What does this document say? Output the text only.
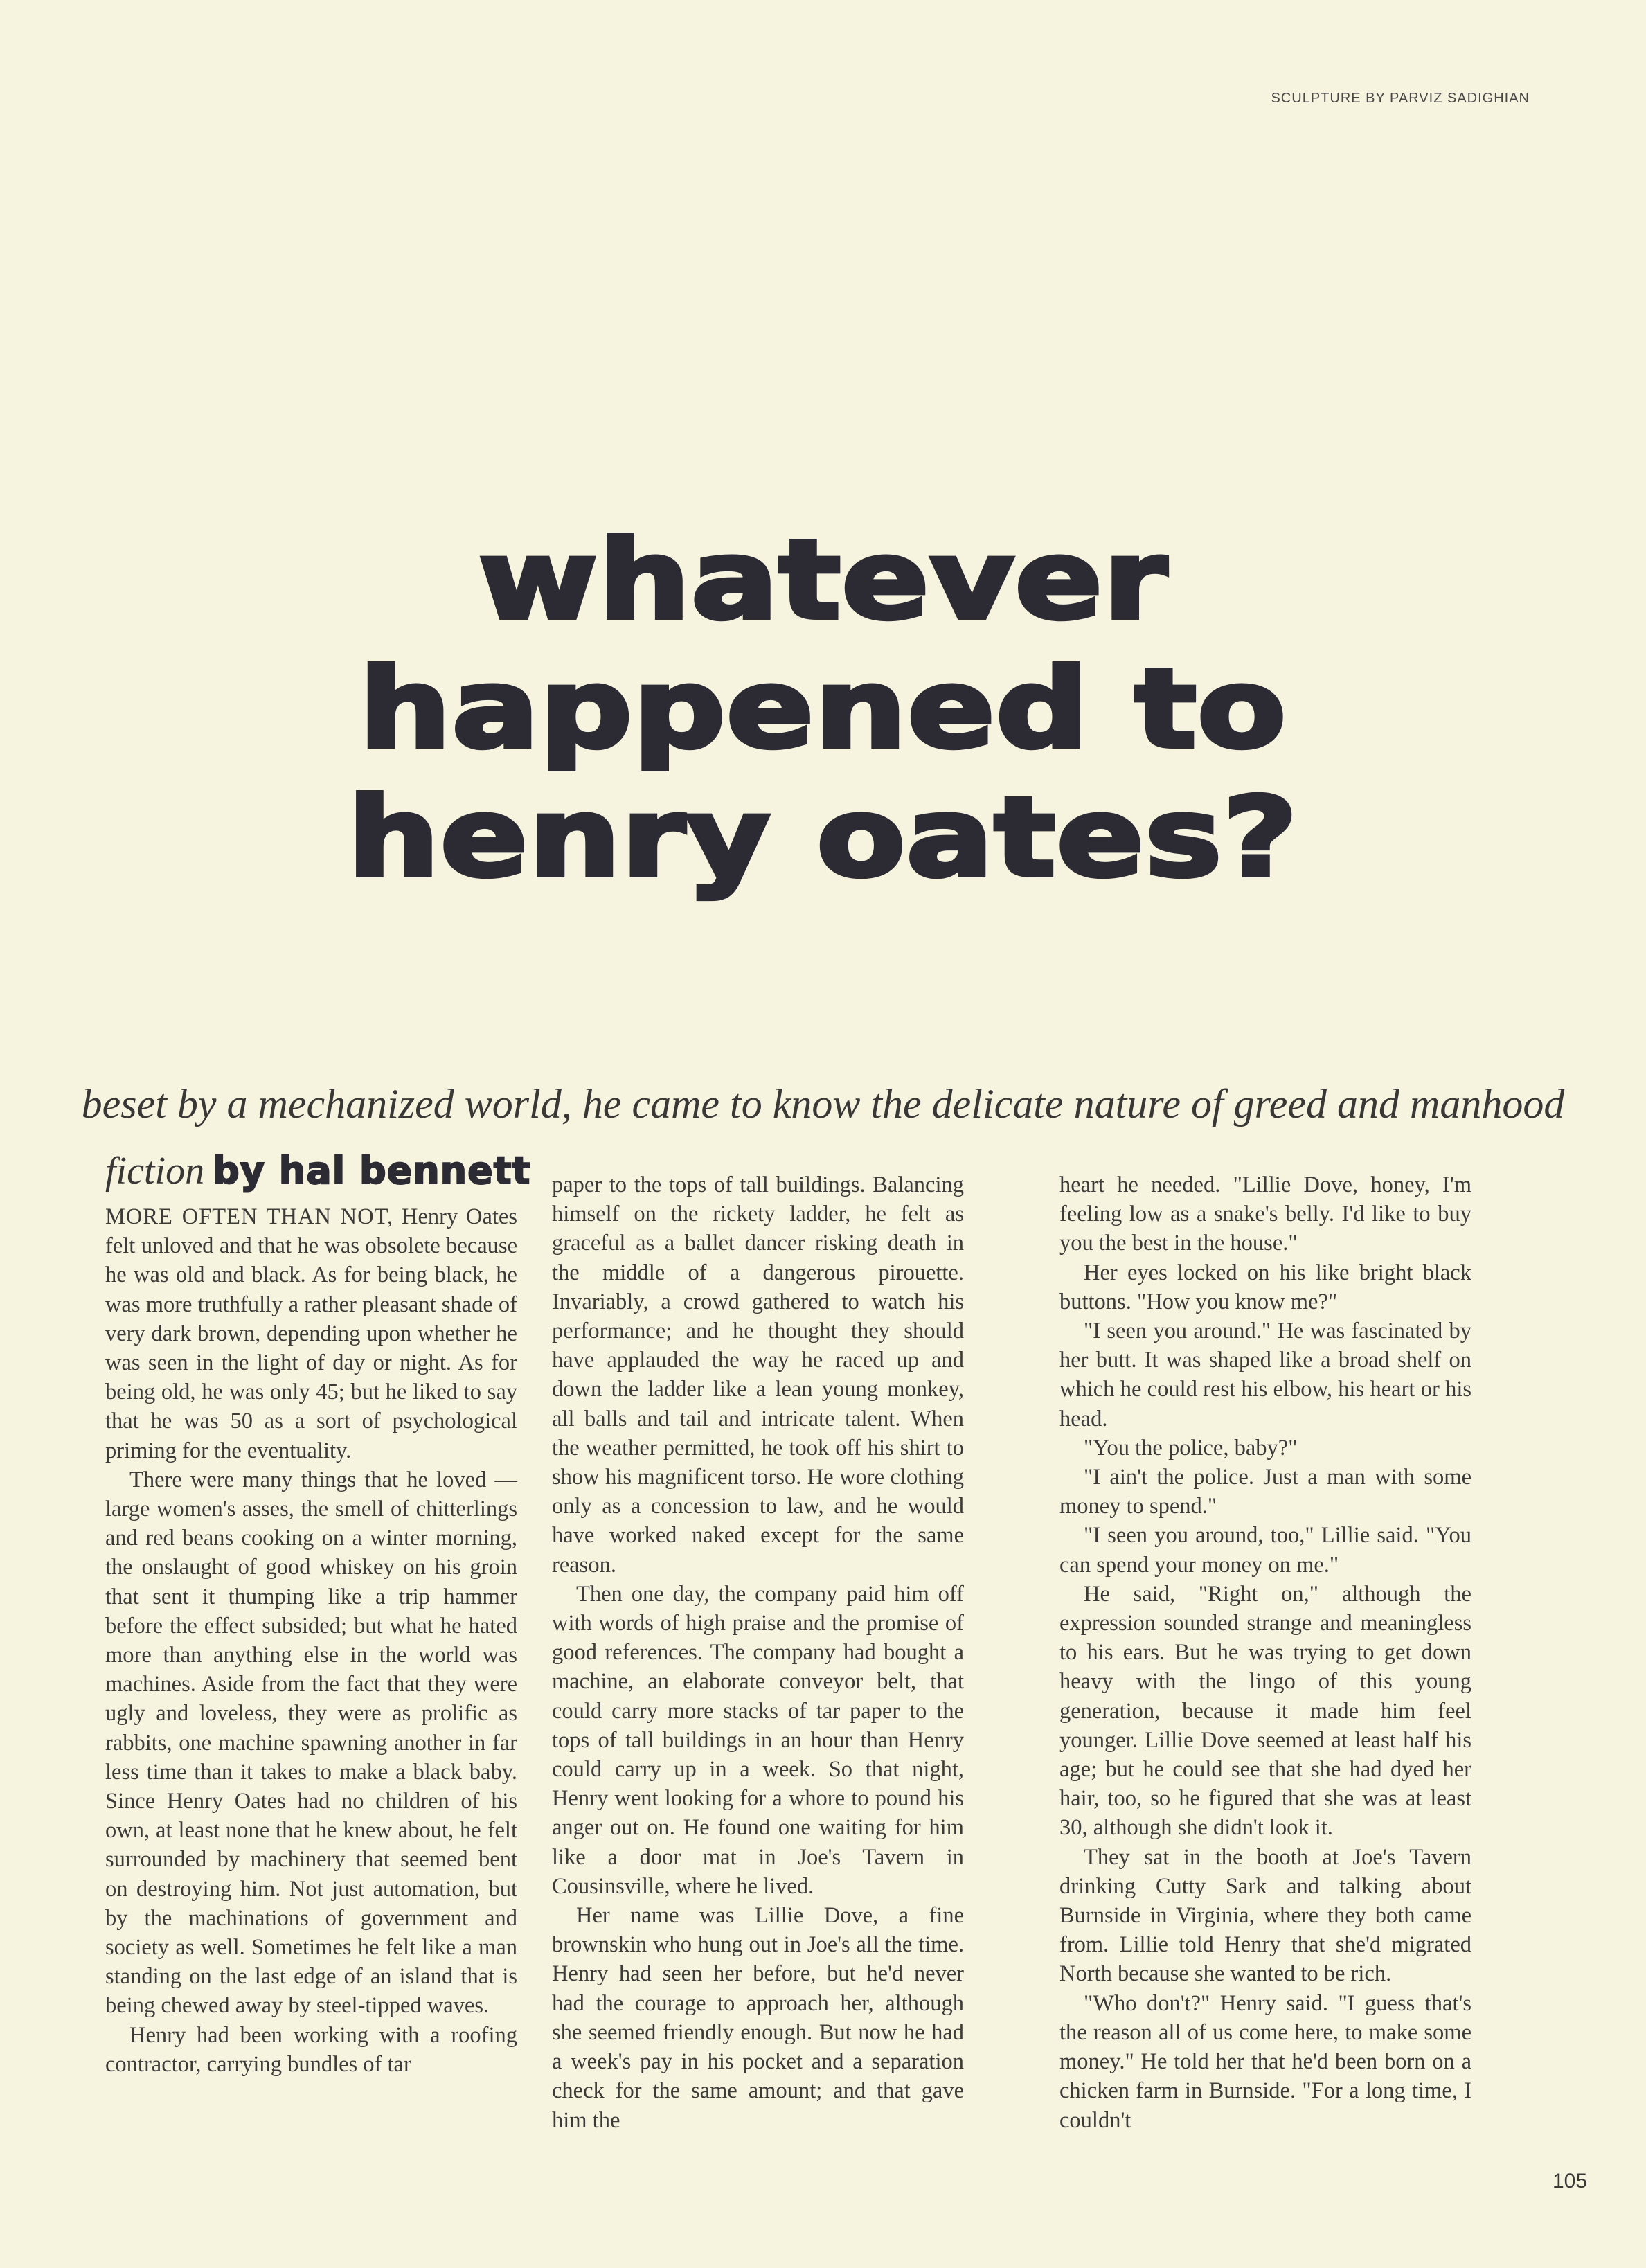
SCULPTURE BY PARVIZ SADIGHIAN
whatever
happened to
henry oates?
beset by a mechanized world, he came to know the delicate nature of greed and manhood
fiction by hal bennett

MORE OFTEN THAN NOT, Henry Oates felt unloved and that he was obsolete because he was old and black. As for being black, he was more truthfully a rather pleasant shade of very dark brown, depending upon whether he was seen in the light of day or night. As for being old, he was only 45; but he liked to say that he was 50 as a sort of psychological priming for the eventuality.

There were many things that he loved —large women's asses, the smell of chitterlings and red beans cooking on a winter morning, the onslaught of good whiskey on his groin that sent it thumping like a trip hammer before the effect subsided; but what he hated more than anything else in the world was machines. Aside from the fact that they were ugly and loveless, they were as prolific as rabbits, one machine spawning another in far less time than it takes to make a black baby. Since Henry Oates had no children of his own, at least none that he knew about, he felt surrounded by machinery that seemed bent on destroying him. Not just automation, but by the machinations of government and society as well. Sometimes he felt like a man standing on the last edge of an island that is being chewed away by steel-tipped waves.

Henry had been working with a roofing contractor, carrying bundles of tar

paper to the tops of tall buildings. Balancing himself on the rickety ladder, he felt as graceful as a ballet dancer risking death in the middle of a dangerous pirouette. Invariably, a crowd gathered to watch his performance; and he thought they should have applauded the way he raced up and down the ladder like a lean young monkey, all balls and tail and intricate talent. When the weather permitted, he took off his shirt to show his magnificent torso. He wore clothing only as a concession to law, and he would have worked naked except for the same reason.

Then one day, the company paid him off with words of high praise and the promise of good references. The company had bought a machine, an elaborate conveyor belt, that could carry more stacks of tar paper to the tops of tall buildings in an hour than Henry could carry up in a week. So that night, Henry went looking for a whore to pound his anger out on. He found one waiting for him like a door mat in Joe's Tavern in Cousinsville, where he lived.

Her name was Lillie Dove, a fine brownskin who hung out in Joe's all the time. Henry had seen her before, but he'd never had the courage to approach her, although she seemed friendly enough. But now he had a week's pay in his pocket and a separation check for the same amount; and that gave him the

heart he needed. "Lillie Dove, honey, I'm feeling low as a snake's belly. I'd like to buy you the best in the house."

Her eyes locked on his like bright black buttons. "How you know me?"

"I seen you around." He was fascinated by her butt. It was shaped like a broad shelf on which he could rest his elbow, his heart or his head.

"You the police, baby?"

"I ain't the police. Just a man with some money to spend."

"I seen you around, too," Lillie said. "You can spend your money on me."

He said, "Right on," although the expression sounded strange and meaningless to his ears. But he was trying to get down heavy with the lingo of this young generation, because it made him feel younger. Lillie Dove seemed at least half his age; but he could see that she had dyed her hair, too, so he figured that she was at least 30, although she didn't look it.

They sat in the booth at Joe's Tavern drinking Cutty Sark and talking about Burnside in Virginia, where they both came from. Lillie told Henry that she'd migrated North because she wanted to be rich.

"Who don't?" Henry said. "I guess that's the reason all of us come here, to make some money." He told her that he'd been born on a chicken farm in Burnside. "For a long time, I couldn't

105
